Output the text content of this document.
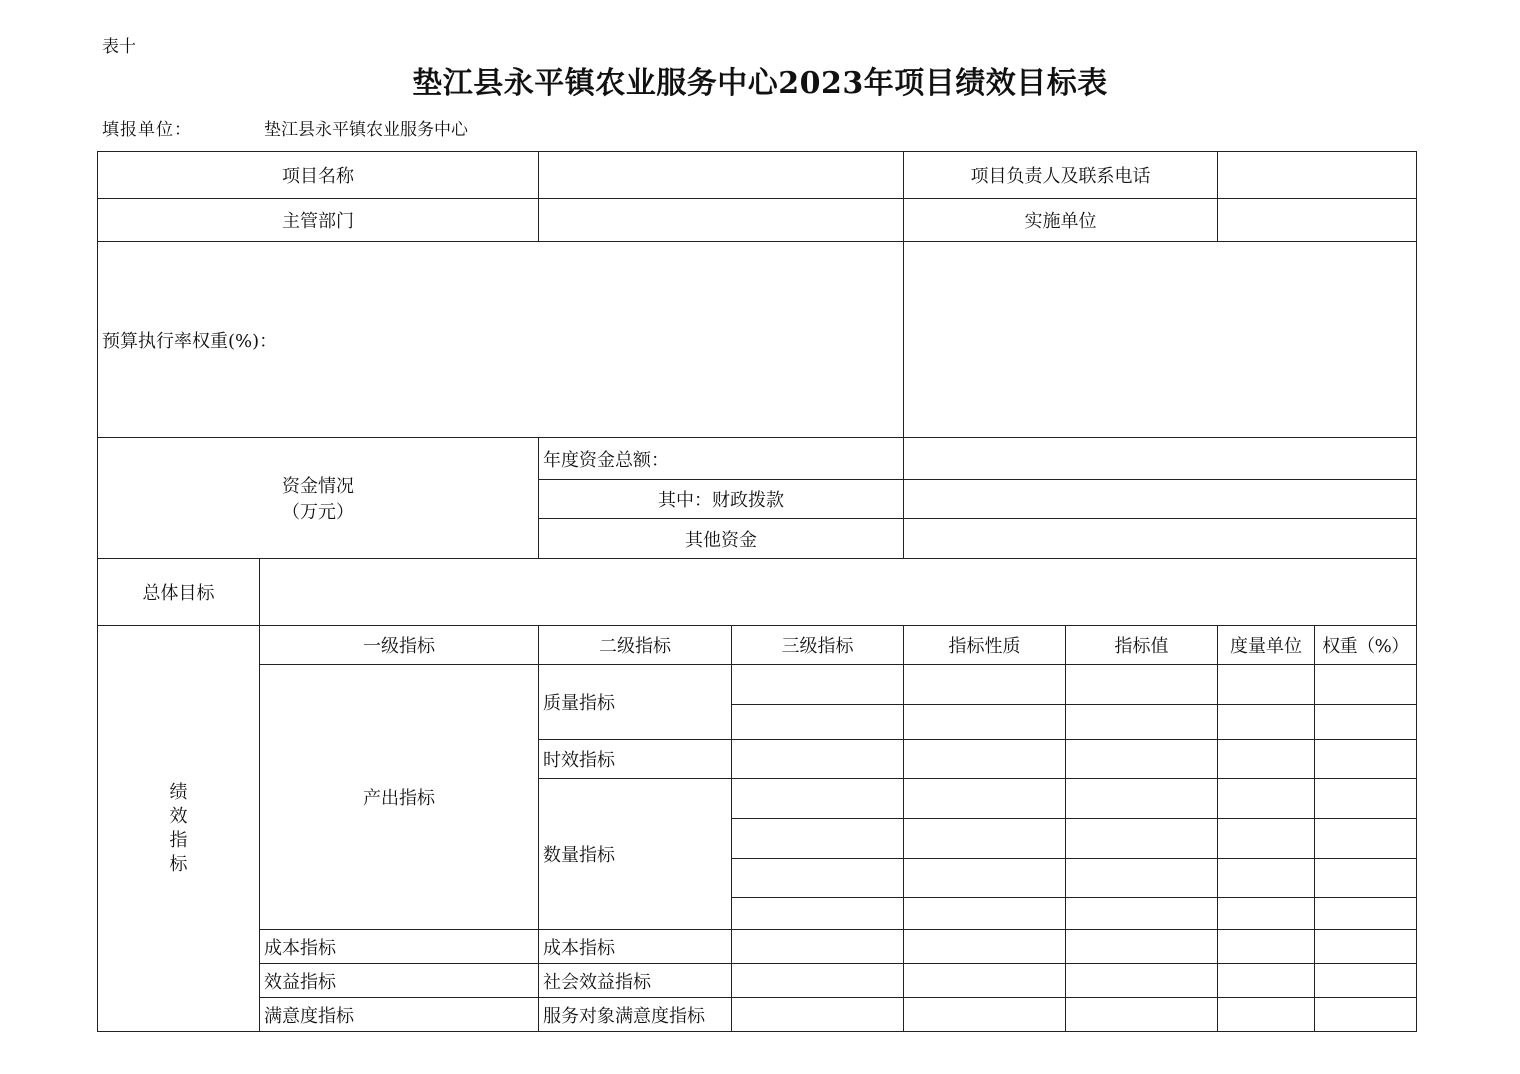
表十
垫江县永平镇农业服务中心2023年项目绩效目标表
填报单位：	垫江县永平镇农业服务中心
项目名称				项目负责人及联系电话			
主管部门				实施单位			
预算执行率权重(%)：							

资金情况
（万元）		年度资金总额：					
		其中：财政拨款					
		其他资金					
总体目标							

绩
效
指
标	一级指标	二级指标	三级指标	指标性质	指标值	度量单位	权重（%）
	产出指标	质量指标					

		时效指标					
		数量指标					

	成本指标	成本指标					
	效益指标	社会效益指标					
	满意度指标	服务对象满意度指标					
